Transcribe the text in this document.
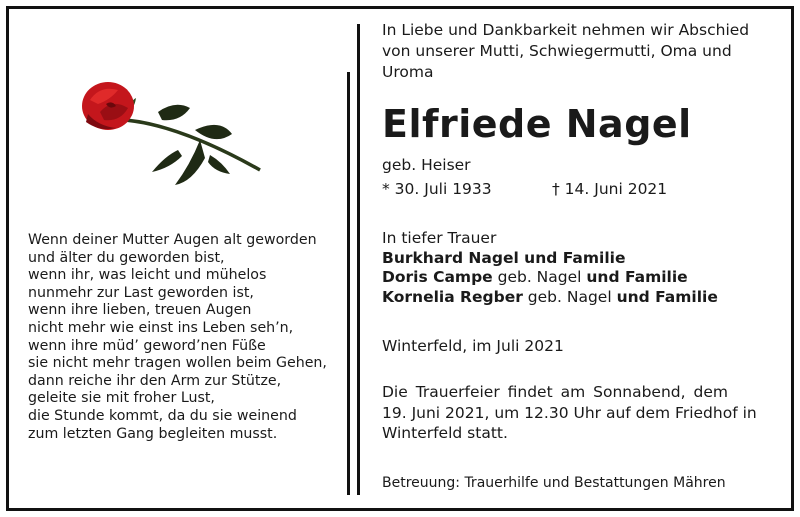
Wenn deiner Mutter Augen alt geworden
und älter du geworden bist,
wenn ihr, was leicht und mühelos
nunmehr zur Last geworden ist,
wenn ihre lieben, treuen Augen
nicht mehr wie einst ins Leben seh’n,
wenn ihre müd’ geword’nen Füße
sie nicht mehr tragen wollen beim Gehen,
dann reiche ihr den Arm zur Stütze,
geleite sie mit froher Lust,
die Stunde kommt, da du sie weinend
zum letzten Gang begleiten musst.
In Liebe und Dankbarkeit nehmen wir Abschied
von unserer Mutti, Schwiegermutti, Oma und
Uroma
Elfriede Nagel
geb. Heiser
* 30. Juli 1933	† 14. Juni 2021
In tiefer Trauer
Burkhard Nagel und Familie
Doris Campe geb. Nagel und Familie
Kornelia Regber geb. Nagel und Familie
Winterfeld, im Juli 2021
Die Trauerfeier findet am Sonnabend, dem
19. Juni 2021, um 12.30 Uhr auf dem Friedhof in
Winterfeld statt.
Betreuung: Trauerhilfe und Bestattungen Mähren
